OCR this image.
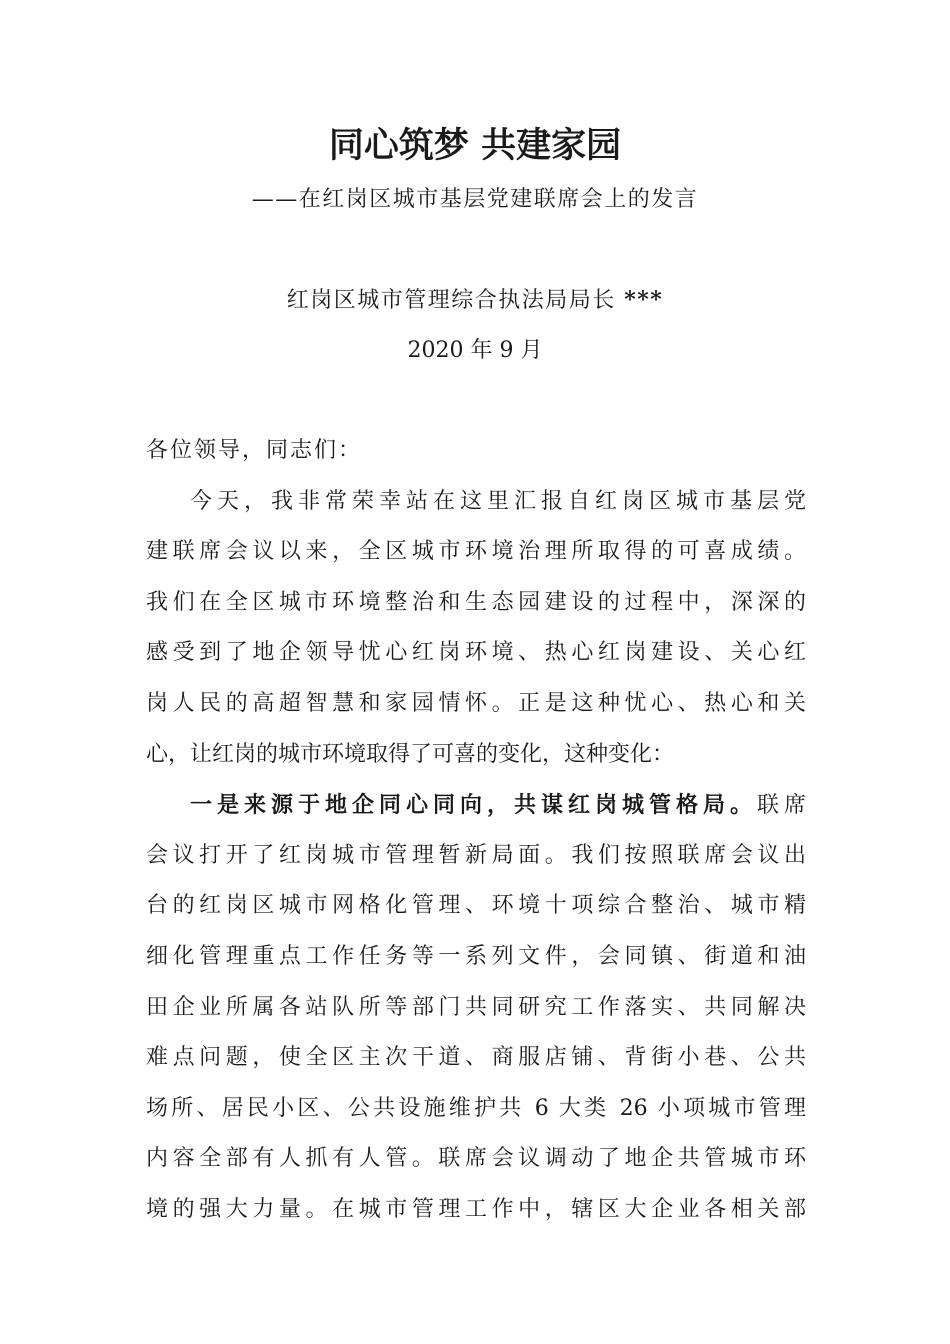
同心筑梦 共建家园
——在红岗区城市基层党建联席会上的发言
红岗区城市管理综合执法局局长 ***
2020 年 9 月
各位领导，同志们：
今天，我非常荣幸站在这里汇报自红岗区城市基层党
建联席会议以来，全区城市环境治理所取得的可喜成绩。
我们在全区城市环境整治和生态园建设的过程中，深深的
感受到了地企领导忧心红岗环境、热心红岗建设、关心红
岗人民的高超智慧和家园情怀。正是这种忧心、热心和关
心，让红岗的城市环境取得了可喜的变化，这种变化：
一是来源于地企同心同向，共谋红岗城管格局。联席
会议打开了红岗城市管理暂新局面。我们按照联席会议出
台的红岗区城市网格化管理、环境十项综合整治、城市精
细化管理重点工作任务等一系列文件，会同镇、街道和油
田企业所属各站队所等部门共同研究工作落实、共同解决
难点问题，使全区主次干道、商服店铺、背街小巷、公共
场所、居民小区、公共设施维护共 6 大类 26 小项城市管理
内容全部有人抓有人管。联席会议调动了地企共管城市环
境的强大力量。在城市管理工作中，辖区大企业各相关部
